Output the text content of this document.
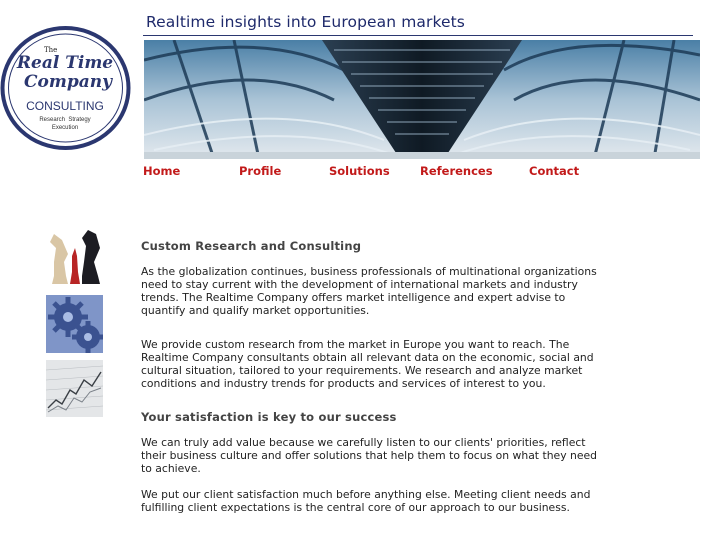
The
Real Time
Company
CONSULTING
Research  Strategy
Execution
Realtime insights into European markets
Home	Profile	Solutions	References	Contact
Custom Research and Consulting

As the globalization continues, business professionals of multinational organizations need to stay current with the development of international markets and industry trends. The Realtime Company offers market intelligence and expert advise to quantify and qualify market opportunities.

We provide custom research from the market in Europe you want to reach. The Realtime Company consultants obtain all relevant data on the economic, social and cultural situation, tailored to your requirements. We research and analyze market conditions and industry trends for products and services of interest to you.

Your satisfaction is key to our success

We can truly add value because we carefully listen to our clients' priorities, reflect their business culture and offer solutions that help them to focus on what they need to achieve.

We put our client satisfaction much before anything else. Meeting client needs and fulfilling client expectations is the central core of our approach to our business.
